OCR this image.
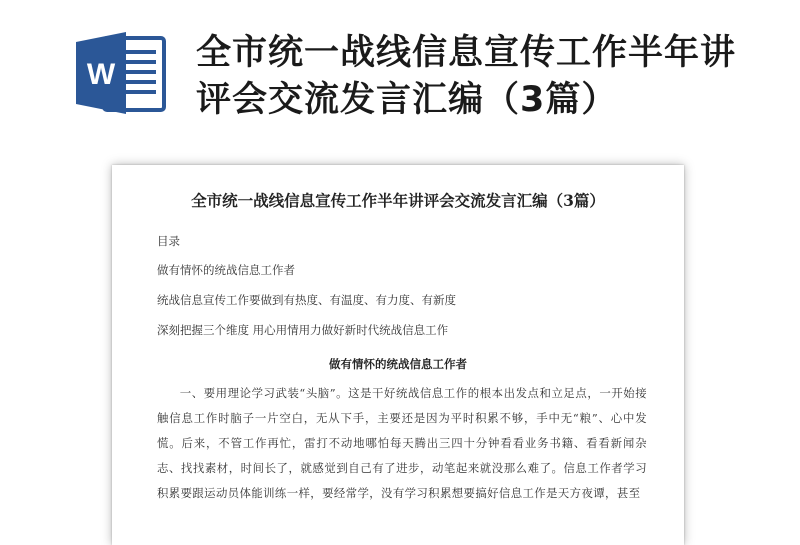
W
全市统一战线信息宣传工作半年讲评会交流发言汇编（3篇）
全市统一战线信息宣传工作半年讲评会交流发言汇编（3篇）
目录
做有情怀的统战信息工作者
统战信息宣传工作要做到有热度、有温度、有力度、有新度
深刻把握三个维度 用心用情用力做好新时代统战信息工作
做有情怀的统战信息工作者
一、要用理论学习武装“头脑”。这是干好统战信息工作的根本出发点和立足点，一开始接触信息工作时脑子一片空白，无从下手，主要还是因为平时积累不够，手中无“粮”、心中发慌。后来，不管工作再忙，雷打不动地哪怕每天腾出三四十分钟看看业务书籍、看看新闻杂志、找找素材，时间长了，就感觉到自己有了进步，动笔起来就没那么难了。信息工作者学习积累要跟运动员体能训练一样，要经常学，没有学习积累想要搞好信息工作是天方夜谭，甚至
